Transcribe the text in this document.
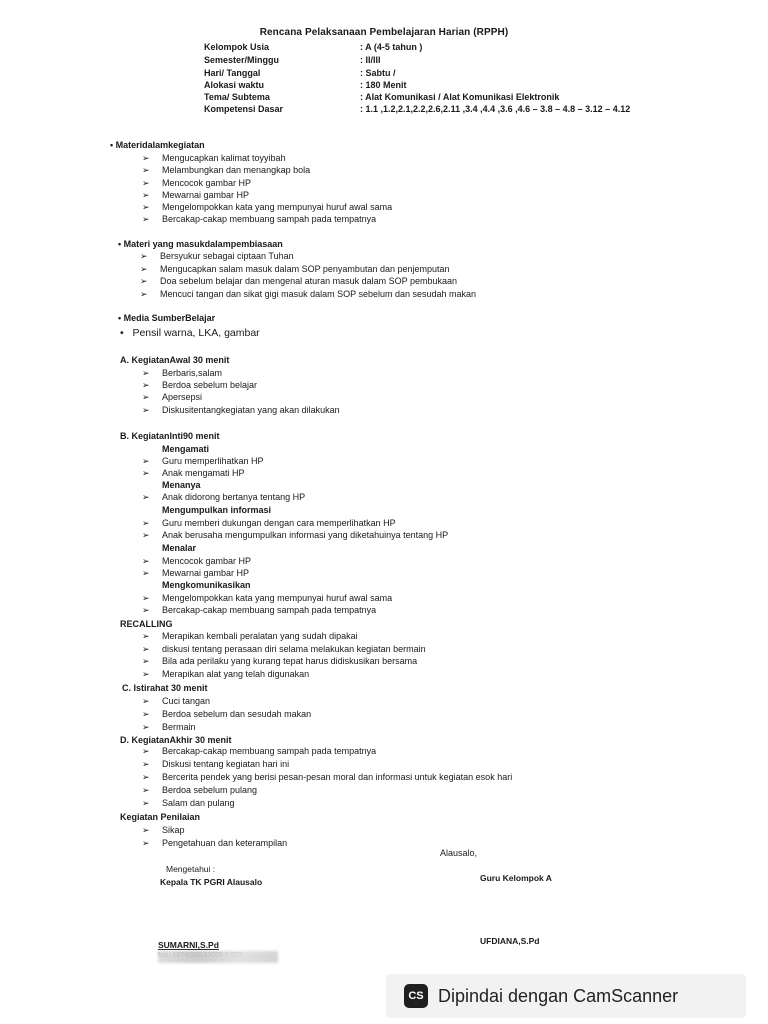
Rencana Pelaksanaan Pembelajaran Harian (RPPH)
Kelompok Usia	: A (4-5 tahun )
Semester/Minggu	: II/III
Hari/ Tanggal	: Sabtu /
Alokasi waktu	: 180 Menit
Tema/ Subtema	: Alat Komunikasi / Alat Komunikasi Elektronik
Kompetensi Dasar	: 1.1 ,1.2,2.1,2.2,2.6,2.11 ,3.4 ,4.4 ,3.6 ,4.6 – 3.8 – 4.8 – 3.12 – 4.12
• Materidalamkegiatan
➢ Mengucapkan kalimat toyyibah
➢ Melambungkan dan menangkap bola
➢ Mencocok gambar HP
➢ Mewarnai gambar HP
➢ Mengelompokkan kata yang mempunyai huruf awal sama
➢ Bercakap-cakap membuang sampah pada tempatnya
• Materi yang masukdalampembiasaan
➢ Bersyukur sebagai ciptaan Tuhan
➢ Mengucapkan salam masuk dalam SOP penyambutan dan penjemputan
➢ Doa sebelum belajar dan mengenal aturan masuk dalam SOP pembukaan
➢ Mencuci tangan dan sikat gigi masuk dalam SOP sebelum dan sesudah makan
• Media SumberBelajar
•   Pensil warna, LKA, gambar
A. KegiatanAwal 30 menit
➢ Berbaris,salam
➢ Berdoa sebelum belajar
➢ Apersepsi
➢ Diskusitentangkegiatan yang akan dilakukan
B. KegiatanInti90 menit
Mengamati
➢ Guru memperlihatkan HP
➢ Anak mengamati HP
Menanya
➢ Anak didorong bertanya tentang HP
Mengumpulkan informasi
➢ Guru memberi dukungan dengan cara memperlihatkan HP
➢ Anak berusaha mengumpulkan informasi yang diketahuinya tentang HP
Menalar
➢ Mencocok gambar HP
➢ Mewarnai gambar HP
Mengkomunikasikan
➢ Mengelompokkan kata yang mempunyai huruf awal sama
➢ Bercakap-cakap membuang sampah pada tempatnya
RECALLING
➢ Merapikan kembali peralatan yang sudah dipakai
➢ diskusi tentang perasaan diri selama melakukan kegiatan bermain
➢ Bila ada perilaku yang kurang tepat harus didiskusikan bersama
➢ Merapikan alat yang telah digunakan
C. Istirahat 30 menit
➢ Cuci tangan
➢ Berdoa sebelum dan sesudah makan
➢ Bermain
D. KegiatanAkhir 30 menit
➢ Bercakap-cakap membuang sampah pada tempatnya
➢ Diskusi tentang kegiatan hari ini
➢ Bercerita pendek yang berisi pesan-pesan moral dan informasi untuk kegiatan esok hari
➢ Berdoa sebelum pulang
➢ Salam dan pulang
Kegiatan Penilaian
➢ Sikap
➢ Pengetahuan dan keterampilan
Alausalo,
Mengetahui :
Kepala TK PGRI Alausalo	Guru Kelompok A
SUMARNI,S.Pd	UFDIANA,S.Pd
CS Dipindai dengan CamScanner
